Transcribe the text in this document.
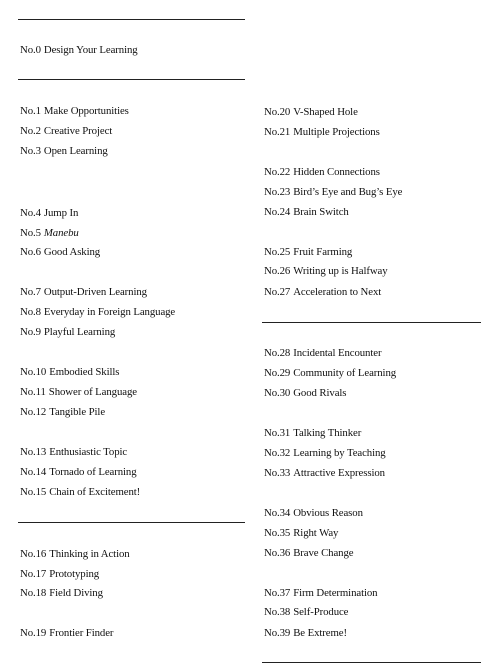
No.0 Design Your Learning
No.1 Make Opportunities
No.2 Creative Project
No.3 Open Learning
No.4 Jump In
No.5 Manebu
No.6 Good Asking
No.7 Output-Driven Learning
No.8 Everyday in Foreign Language
No.9 Playful Learning
No.10 Embodied Skills
No.11 Shower of Language
No.12 Tangible Pile
No.13 Enthusiastic Topic
No.14 Tornado of Learning
No.15 Chain of Excitement!
No.16 Thinking in Action
No.17 Prototyping
No.18 Field Diving
No.19 Frontier Finder
No.20 V-Shaped Hole
No.21 Multiple Projections
No.22 Hidden Connections
No.23 Bird’s Eye and Bug’s Eye
No.24 Brain Switch
No.25 Fruit Farming
No.26 Writing up is Halfway
No.27 Acceleration to Next
No.28 Incidental Encounter
No.29 Community of Learning
No.30 Good Rivals
No.31 Talking Thinker
No.32 Learning by Teaching
No.33 Attractive Expression
No.34 Obvious Reason
No.35 Right Way
No.36 Brave Change
No.37 Firm Determination
No.38 Self-Produce
No.39 Be Extreme!
